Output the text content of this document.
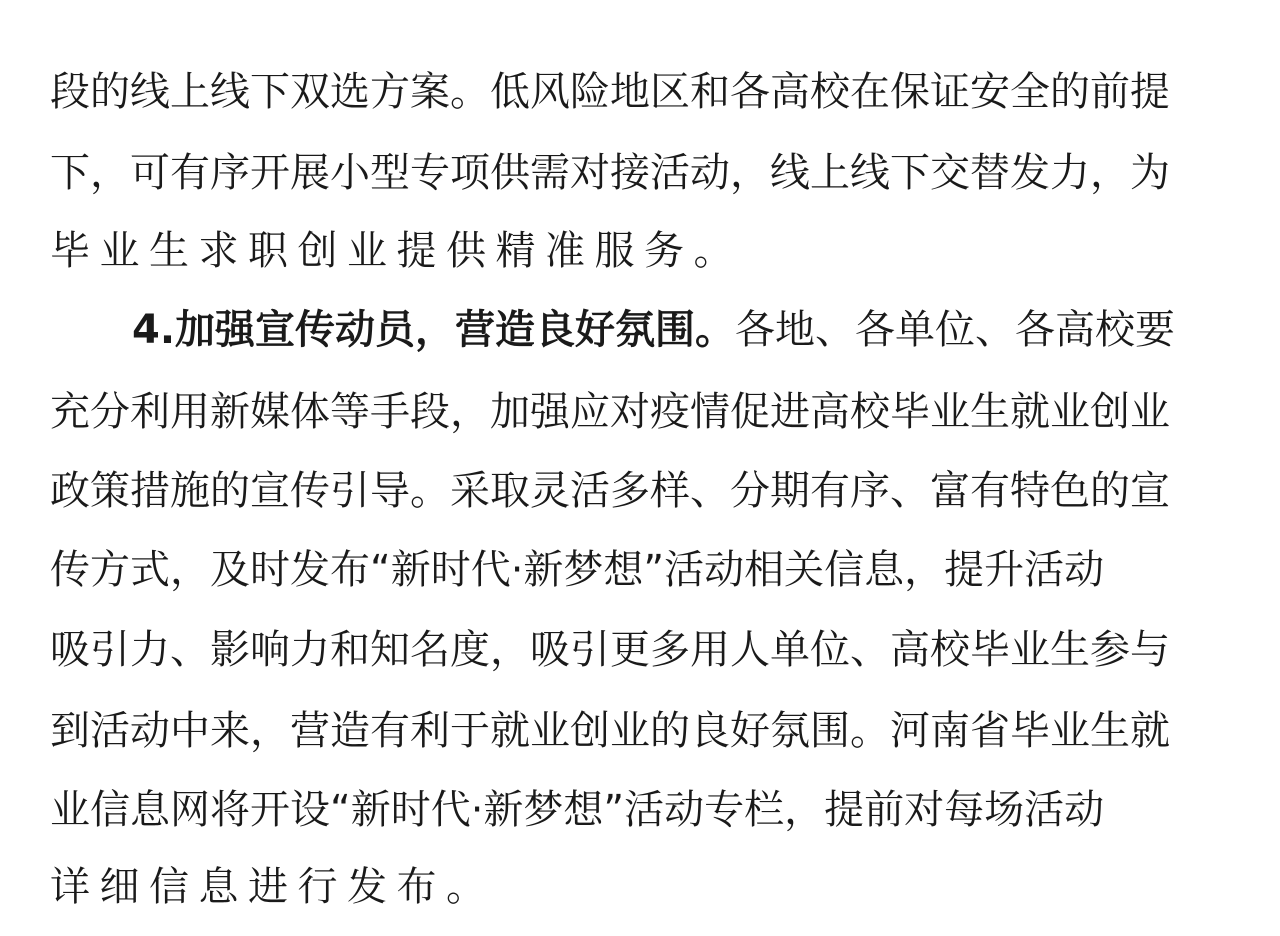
段的线上线下双选方案。低风险地区和各高校在保证安全的前提
下，可有序开展小型专项供需对接活动，线上线下交替发力，为
毕业生求职创业提供精准服务。
4.加强宣传动员，营造良好氛围。各地、各单位、各高校要
充分利用新媒体等手段，加强应对疫情促进高校毕业生就业创业
政策措施的宣传引导。采取灵活多样、分期有序、富有特色的宣
传方式，及时发布“新时代·新梦想”活动相关信息，提升活动
吸引力、影响力和知名度，吸引更多用人单位、高校毕业生参与
到活动中来，营造有利于就业创业的良好氛围。河南省毕业生就
业信息网将开设“新时代·新梦想”活动专栏，提前对每场活动
详细信息进行发布。
